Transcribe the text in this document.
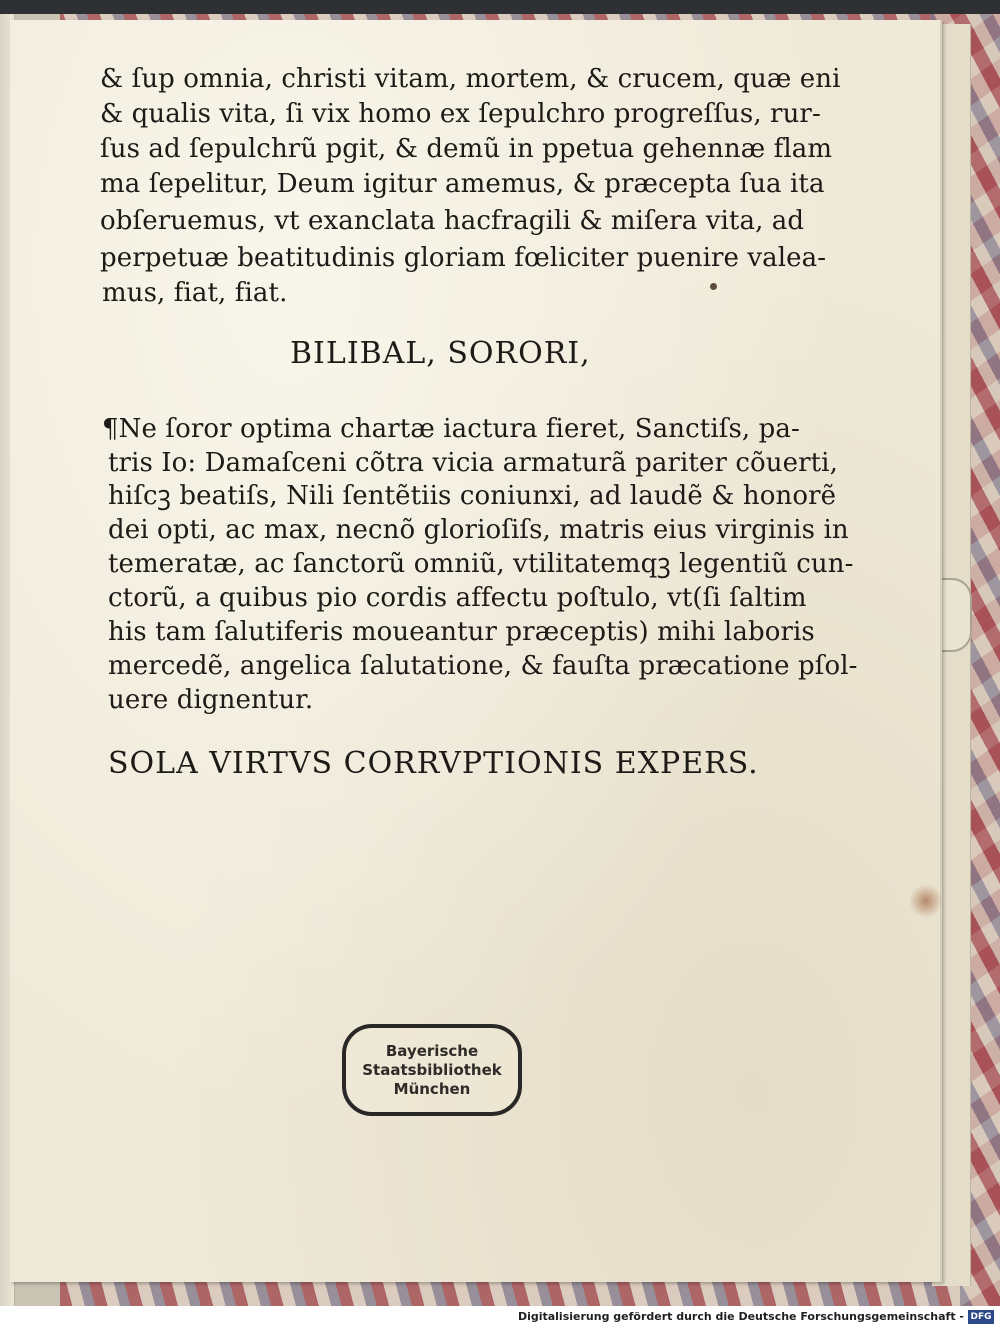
& ſup omnia, christi vitam, mortem, & crucem, quæ eni

& qualis vita, ſi vix homo ex ſepulchro progreſſus, rur-

ſus ad ſepulchrũ pgit, & demũ in ppetua gehennæ flam

ma ſepelitur, Deum igitur amemus, & præcepta ſua ita

obſeruemus, vt exanclata hacfragili & miſera vita, ad

perpetuæ beatitudinis gloriam fœliciter puenire valea-

mus, fiat, fiat.

BILIBAL, SORORI,

¶Ne ſoror optima chartæ iactura fieret, Sanctiſs, pa-

tris Io: Damaſceni cõtra vicia armaturã pariter cõuerti,

hiſcꝫ beatiſs, Nili ſentẽtiis coniunxi, ad laudẽ & honorẽ

dei opti, ac max, necnõ glorioſiſs, matris eius virginis in

temeratæ, ac ſanctorũ omniũ, vtilitatemqꝫ legentiũ cun-

ctorũ, a quibus pio cordis affectu poſtulo, vt(ſi ſaltim

his tam ſalutiferis moueantur præceptis) mihi laboris

mercedẽ, angelica ſalutatione, & fauſta præcatione pſol-

uere dignentur.

SOLA VIRTVS CORRVPTIONIS EXPERS.

Bayerische
Staatsbibliothek
München
Digitalisierung gefördert durch die Deutsche Forschungsgemeinschaft - DFG
